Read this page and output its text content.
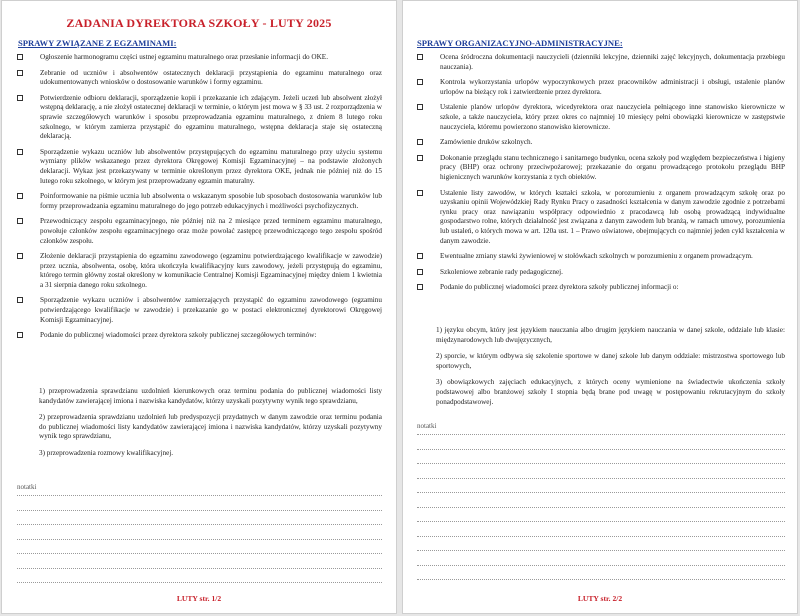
ZADANIA DYREKTORA SZKOŁY - LUTY 2025
SPRAWY ZWIĄZANE Z EGZAMINAMI:
Ogłoszenie harmonogramu części ustnej egzaminu maturalnego oraz przesłanie informacji do OKE.
Zebranie od uczniów i absolwentów ostatecznych deklaracji przystąpienia do egzaminu maturalnego oraz udokumentowanych wniosków o dostosowanie warunków i formy egzaminu.
Potwierdzenie odbioru deklaracji, sporządzenie kopii i przekazanie ich zdającym. Jeżeli uczeń lub absolwent złożył wstępną deklarację, a nie złożył ostatecznej deklaracji w terminie, o którym jest mowa w § 33 ust. 2 rozporządzenia w sprawie szczegółowych warunków i sposobu przeprowadzania egzaminu maturalnego, z dniem 8 lutego roku szkolnego, w którym zamierza przystąpić do egzaminu maturalnego, wstępna deklaracja staje się ostateczną deklaracją.
Sporządzenie wykazu uczniów lub absolwentów przystępujących do egzaminu maturalnego przy użyciu systemu wymiany plików wskazanego przez dyrektora Okręgowej Komisji Egzaminacyjnej – na podstawie złożonych deklaracji. Wykaz jest przekazywany w terminie określonym przez dyrektora OKE, jednak nie później niż do 15 lutego roku szkolnego, w którym jest przeprowadzany egzamin maturalny.
Poinformowanie na piśmie ucznia lub absolwenta o wskazanym sposobie lub sposobach dostosowania warunków lub formy przeprowadzania egzaminu maturalnego do jego potrzeb edukacyjnych i możliwości psychofizycznych.
Przewodniczący zespołu egzaminacyjnego, nie później niż na 2 miesiące przed terminem egzaminu maturalnego, powołuje członków zespołu egzaminacyjnego oraz może powołać zastępcę przewodniczącego tego zespołu spośród członków zespołu.
Złożenie deklaracji przystąpienia do egzaminu zawodowego (egzaminu potwierdzającego kwalifikacje w zawodzie) przez ucznia, absolwenta, osobę, która ukończyła kwalifikacyjny kurs zawodowy, jeżeli przystępują do egzaminu, którego termin główny został określony w komunikacie Centralnej Komisji Egzaminacyjnej między dniem 1 kwietnia a 31 sierpnia danego roku szkolnego.
Sporządzenie wykazu uczniów i absolwentów zamierzających przystąpić do egzaminu zawodowego (egzaminu potwierdzającego kwalifikacje w zawodzie) i przekazanie go w postaci elektronicznej dyrektorowi Okręgowej Komisji Egzaminacyjnej.
Podanie do publicznej wiadomości przez dyrektora szkoły publicznej szczegółowych terminów:

1) przeprowadzenia sprawdzianu uzdolnień kierunkowych oraz terminu podania do publicznej wiadomości listy kandydatów zawierającej imiona i nazwiska kandydatów, którzy uzyskali pozytywny wynik tego sprawdzianu,

2) przeprowadzenia sprawdzianu uzdolnień lub predyspozycji przydatnych w danym zawodzie oraz terminu podania do publicznej wiadomości listy kandydatów zawierającej imiona i nazwiska kandydatów, którzy uzyskali pozytywny wynik tego sprawdzianu,

3) przeprowadzenia rozmowy kwalifikacyjnej.

notatki
LUTY str. 1/2
SPRAWY ORGANIZACYJNO-ADMINISTRACYJNE:
Ocena śródroczna dokumentacji nauczycieli (dzienniki lekcyjne, dzienniki zajęć lekcyjnych, dokumentacja przebiegu nauczania).
Kontrola wykorzystania urlopów wypoczynkowych przez pracowników administracji i obsługi, ustalenie planów urlopów na bieżący rok i zatwierdzenie przez dyrektora.
Ustalenie planów urlopów dyrektora, wicedyrektora oraz nauczyciela pełniącego inne stanowisko kierownicze w szkole, a także nauczyciela, który przez okres co najmniej 10 miesięcy pełni obowiązki kierownicze w zastępstwie nauczyciela, któremu powierzono stanowisko kierownicze.
Zamówienie druków szkolnych.
Dokonanie przeglądu stanu technicznego i sanitarnego budynku, ocena szkoły pod względem bezpieczeństwa i higieny pracy (BHP) oraz ochrony przeciwpożarowej; przekazanie do organu prowadzącego protokołu przeglądu BHP higienicznych warunków korzystania z tych obiektów.
Ustalenie listy zawodów, w których kształci szkoła, w porozumieniu z organem prowadzącym szkołę oraz po uzyskaniu opinii Wojewódzkiej Rady Rynku Pracy o zasadności kształcenia w danym zawodzie zgodnie z potrzebami rynku pracy oraz nawiązaniu współpracy odpowiednio z pracodawcą lub osobą prowadzącą indywidualne gospodarstwo rolne, których działalność jest związana z danym zawodem lub branżą, w ramach umowy, porozumienia lub ustaleń, o których mowa w art. 120a ust. 1 – Prawo oświatowe, obejmujących co najmniej jeden cykl kształcenia w danym zawodzie.
Ewentualne zmiany stawki żywieniowej w stołówkach szkolnych w porozumieniu z organem prowadzącym.
Szkoleniowe zebranie rady pedagogicznej.
Podanie do publicznej wiadomości przez dyrektora szkoły publicznej informacji o:

1) języku obcym, który jest językiem nauczania albo drugim językiem nauczania w danej szkole, oddziale lub klasie: międzynarodowych lub dwujęzycznych,

2) sporcie, w którym odbywa się szkolenie sportowe w danej szkole lub danym oddziale: mistrzostwa sportowego lub sportowych,

3) obowiązkowych zajęciach edukacyjnych, z których oceny wymienione na świadectwie ukończenia szkoły podstawowej albo branżowej szkoły I stopnia będą brane pod uwagę w postępowaniu rekrutacyjnym do szkoły ponadpodstawowej.

notatki
LUTY str. 2/2
